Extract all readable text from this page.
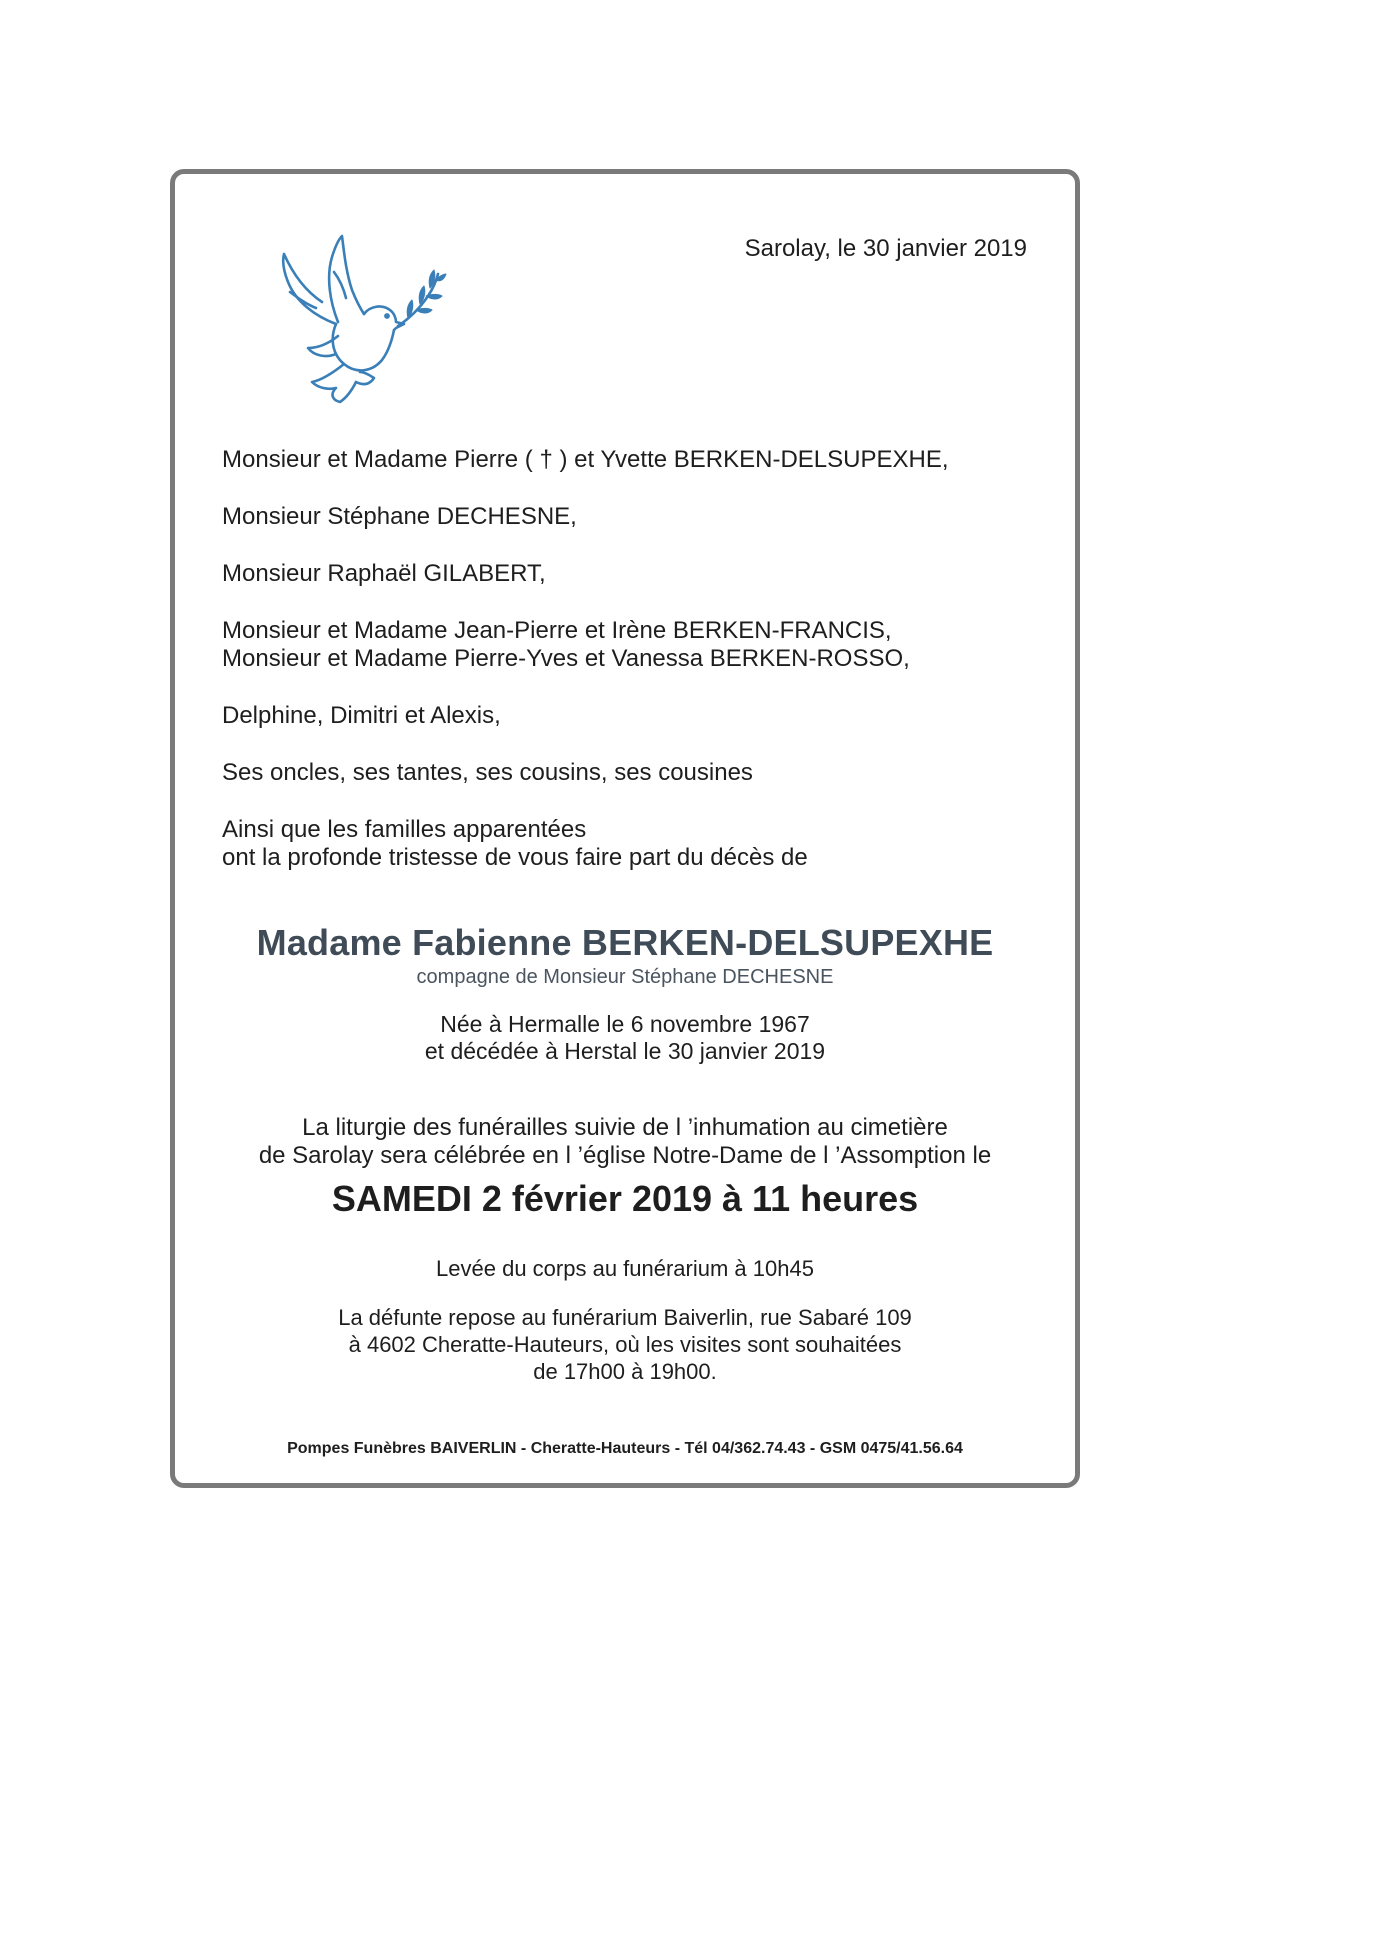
Sarolay, le 30 janvier 2019

Monsieur et Madame Pierre ( † ) et Yvette BERKEN-DELSUPEXHE,

Monsieur Stéphane DECHESNE,

Monsieur Raphaël GILABERT,

Monsieur et Madame Jean-Pierre et Irène BERKEN-FRANCIS,

Monsieur et Madame Pierre-Yves et Vanessa BERKEN-ROSSO,

Delphine, Dimitri et Alexis,

Ses oncles, ses tantes, ses cousins, ses cousines

Ainsi que les familles apparentées

ont la profonde tristesse de vous faire part du décès de

Madame Fabienne BERKEN-DELSUPEXHE
compagne de Monsieur Stéphane DECHESNE
Née à Hermalle le 6 novembre 1967
et décédée à Herstal le 30 janvier 2019
La liturgie des funérailles suivie de l ’inhumation au cimetière
de Sarolay sera célébrée en l ’église Notre-Dame de l ’Assomption le
SAMEDI 2 février 2019 à 11 heures
Levée du corps au funérarium à 10h45
La défunte repose au funérarium Baiverlin, rue Sabaré 109
à 4602 Cheratte-Hauteurs, où les visites sont souhaitées
de 17h00 à 19h00.
Pompes Funèbres BAIVERLIN - Cheratte-Hauteurs - Tél 04/362.74.43 - GSM 0475/41.56.64
